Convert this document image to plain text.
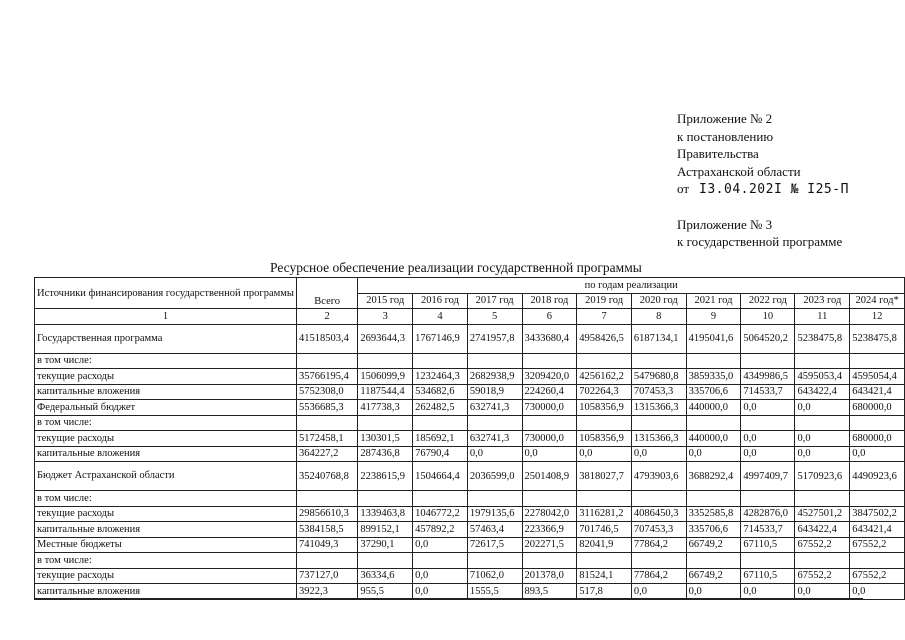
Приложение № 2
к постановлению
Правительства
Астраханской области
от I3.04.202I № I25-П
Приложение № 3
к государственной программе
Ресурсное обеспечение реализации государственной программы
Источники финансирования государственной программы	Всего	по годам реализации									
		2015 год	2016 год	2017 год	2018 год	2019 год	2020 год	2021 год	2022 год	2023 год	2024 год*
1	2	3	4	5	6	7	8	9	10	11	12
Государственная программа	41518503,4	2693644,3	1767146,9	2741957,8	3433680,4	4958426,5	6187134,1	4195041,6	5064520,2	5238475,8	5238475,8
в том числе:											
текущие расходы	35766195,4	1506099,9	1232464,3	2682938,9	3209420,0	4256162,2	5479680,8	3859335,0	4349986,5	4595053,4	4595054,4
капитальные вложения	5752308,0	1187544,4	534682,6	59018,9	224260,4	702264,3	707453,3	335706,6	714533,7	643422,4	643421,4
Федеральный бюджет	5536685,3	417738,3	262482,5	632741,3	730000,0	1058356,9	1315366,3	440000,0	0,0	0,0	680000,0
в том числе:											
текущие расходы	5172458,1	130301,5	185692,1	632741,3	730000,0	1058356,9	1315366,3	440000,0	0,0	0,0	680000,0
капитальные вложения	364227,2	287436,8	76790,4	0,0	0,0	0,0	0,0	0,0	0,0	0,0	0,0
Бюджет Астраханской области	35240768,8	2238615,9	1504664,4	2036599,0	2501408,9	3818027,7	4793903,6	3688292,4	4997409,7	5170923,6	4490923,6
в том числе:											
текущие расходы	29856610,3	1339463,8	1046772,2	1979135,6	2278042,0	3116281,2	4086450,3	3352585,8	4282876,0	4527501,2	3847502,2
капитальные вложения	5384158,5	899152,1	457892,2	57463,4	223366,9	701746,5	707453,3	335706,6	714533,7	643422,4	643421,4
Местные бюджеты	741049,3	37290,1	0,0	72617,5	202271,5	82041,9	77864,2	66749,2	67110,5	67552,2	67552,2
в том числе:											
текущие расходы	737127,0	36334,6	0,0	71062,0	201378,0	81524,1	77864,2	66749,2	67110,5	67552,2	67552,2
капитальные вложения	3922,3	955,5	0,0	1555,5	893,5	517,8	0,0	0,0	0,0	0,0	0,0
